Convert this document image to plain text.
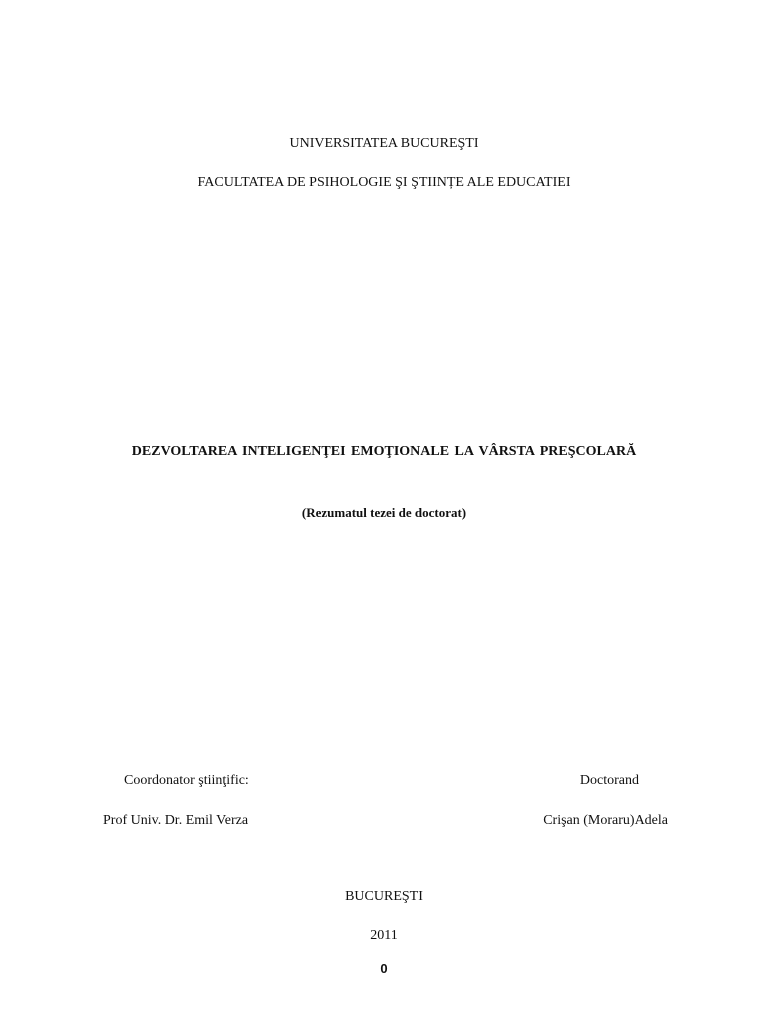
UNIVERSITATEA BUCUREŞTI
FACULTATEA DE PSIHOLOGIE ŞI ŞTIINȚE ALE EDUCATIEI
DEZVOLTAREA INTELIGENŢEI EMOŢIONALE LA VÂRSTA PREŞCOLARĂ
(Rezumatul tezei de doctorat)
Coordonator ştiinţific:
Prof Univ. Dr. Emil Verza
Doctorand
Crişan (Moraru)Adela
BUCUREŞTI
2011
0
